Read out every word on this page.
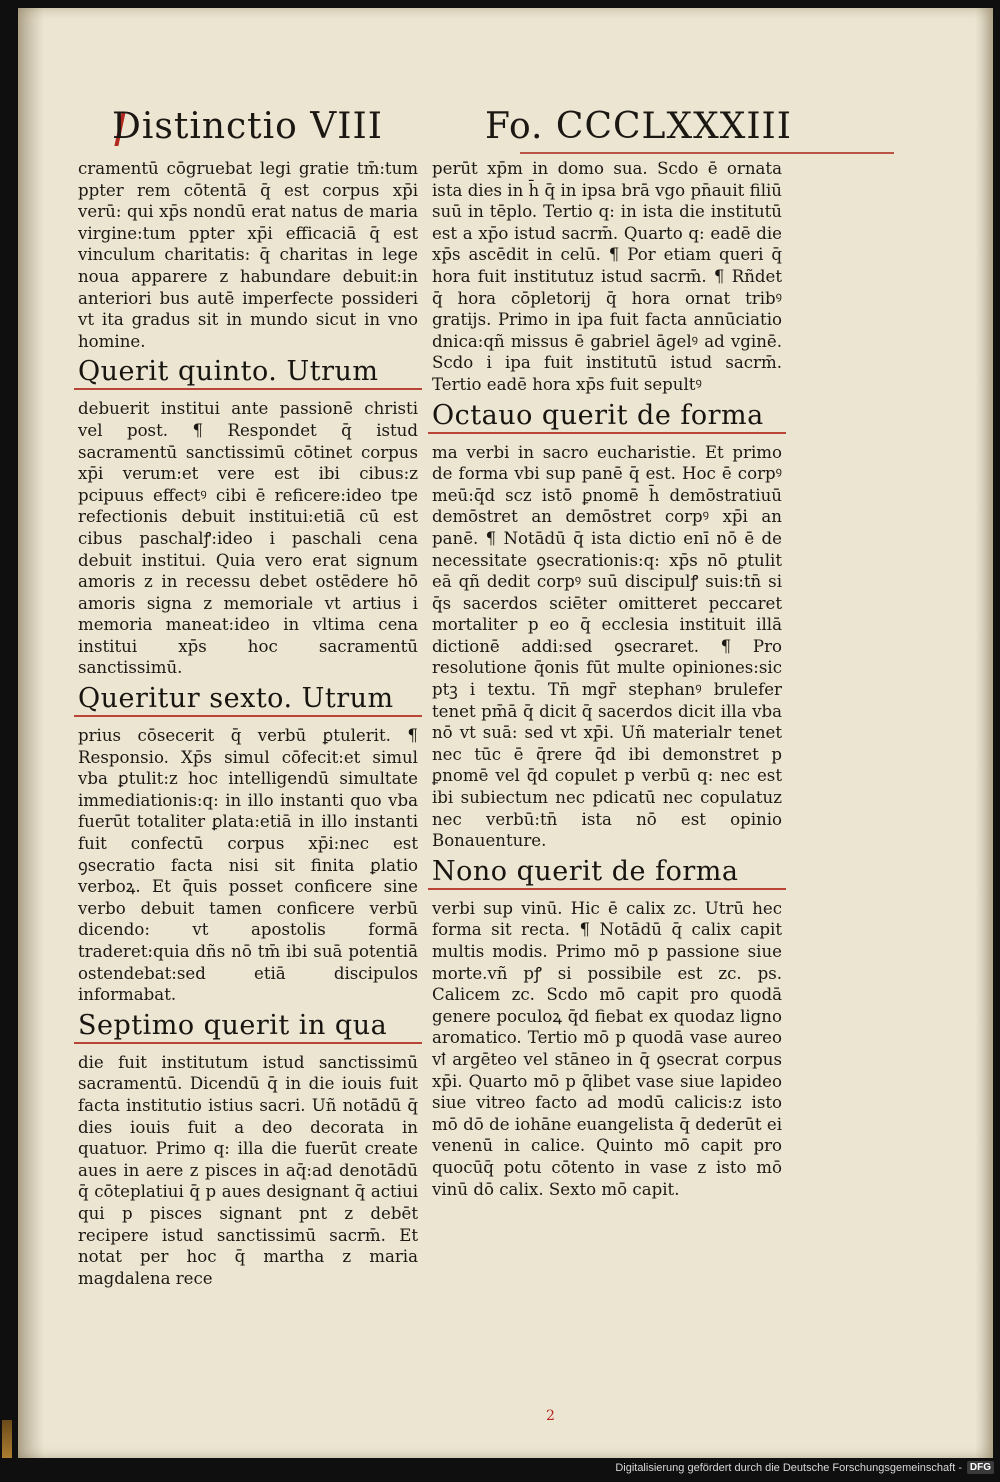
Distinctio VIII	Fo. CCCLXXXIII

cramentū cōgruebat legi gratie tm̄:tum ppter rem cōtentā q̄ est corpus xp̄i verū: qui xp̄s nondū erat natus de maria virgine:tum ppter xp̄i efficaciā q̄ est vinculum charitatis: q̄ charitas in lege noua apparere z habundare debuit:in anteriori bus autē imperfecte possideri vt ita gradus sit in mundo sicut in vno homine.

Querit quinto. Utrum

debuerit institui ante passionē christi vel post. ¶ Respondet q̄ istud sacramentū sanctissimū cōtinet corpus xp̄i verum:et vere est ibi cibus:z pcipuus effectꝰ cibi ē reficere:ideo tpe refectionis debuit institui:etiā cū est cibus paschalꝭ:ideo i paschali cena debuit institui. Quia vero erat signum amoris z in recessu debet ostēdere hō amoris signa z memoriale vt artius i memoria maneat:ideo in vltima cena institui xp̄s hoc sacramentū sanctissimū.

Queritur sexto. Utrum

prius cōsecerit q̄ verbū ꝑtulerit. ¶ Responsio. Xp̄s simul cōfecit:et simul vba ꝑtulit:z hoc intelligendū simultate immediationis:q: in illo instanti quo vba fuerūt totaliter ꝑlata:etiā in illo instanti fuit confectū corpus xp̄i:nec est ꝯsecratio facta nisi sit finita ꝑlatio verboꝝ. Et q̄uis posset conficere sine verbo debuit tamen conficere verbū dicendo: vt apostolis formā traderet:quia dñs nō tm̄ ibi suā potentiā ostendebat:sed etiā discipulos informabat.

Septimo querit in qua

die fuit institutum istud sanctissimū sacramentū. Dicendū q̄ in die iouis fuit facta institutio istius sacri. Uñ notādū q̄ dies iouis fuit a deo decorata in quatuor. Primo q: illa die fuerūt create aues in aere z pisces in aq̄:ad denotādū q̄ cōteplatiui q̄ p aues designant q̄ actiui qui p pisces signant pnt z debēt recipere istud sanctissimū sacrm̄. Et notat per hoc q̄ martha z maria magdalena rece

perūt xp̄m in domo sua. Scdo ē ornata ista dies in h̄ q̄ in ipsa brā vgo pn̄auit filiū suū in tēplo. Tertio q: in ista die institutū est a xp̄o istud sacrm̄. Quarto q: eadē die xp̄s ascēdit in celū. ¶ Por etiam queri q̄ hora fuit institutuz istud sacrm̄. ¶ Rñdet q̄ hora cōpletorij q̄ hora ornat tribꝰ gratijs. Primo in ipa fuit facta annūciatio dnica:qñ missus ē gabriel āgelꝰ ad vginē. Scdo i ipa fuit institutū istud sacrm̄. Tertio eadē hora xp̄s fuit sepultꝰ

Octauo querit de forma

ma verbi in sacro eucharistie. Et primo de forma vbi sup panē q̄ est. Hoc ē corpꝰ meū:q̄d scz istō ꝑnomē h̄ demōstratiuū demōstret an demōstret corpꝰ xp̄i an panē. ¶ Notādū q̄ ista dictio enī nō ē de necessitate ꝯsecrationis:q: xp̄s nō ꝑtulit eā qñ dedit corpꝰ suū discipulꝭ suis:tn̄ si q̄s sacerdos sciēter omitteret peccaret mortaliter p eo q̄ ecclesia instituit illā dictionē addi:sed ꝯsecraret. ¶ Pro resolutione q̄onis fūt multe opiniones:sic ptꝫ i textu. Tn̄ mgr̄ stephanꝰ brulefer tenet pm̄ā q̄ dicit q̄ sacerdos dicit illa vba nō vt suā: sed vt xp̄i. Uñ materialr tenet nec tūc ē q̄rere q̄d ibi demonstret p ꝑnomē vel q̄d copulet p verbū q: nec est ibi subiectum nec pdicatū nec copulatuz nec verbū:tn̄ ista nō est opinio Bonauenture.

Nono querit de forma

verbi sup vinū. Hic ē calix zc. Utrū hec forma sit recta. ¶ Notādū q̄ calix capit multis modis. Primo mō p passione siue morte.vñ pꝭ si possibile est zc. ps. Calicem zc. Scdo mō capit pro quodā genere poculoꝝ q̄d fiebat ex quodaz ligno aromatico. Tertio mō p quodā vase aureo vꝉ argēteo vel stāneo in q̄ ꝯsecrat corpus xp̄i. Quarto mō p q̄libet vase siue lapideo siue vitreo facto ad modū calicis:z isto mō dō de iohāne euangelista q̄ dederūt ei venenū in calice. Quinto mō capit pro quocūq̄ potu cōtento in vase z isto mō vinū dō calix. Sexto mō capit.

2
Digitalisierung gefördert durch die Deutsche Forschungsgemeinschaft - DFG
